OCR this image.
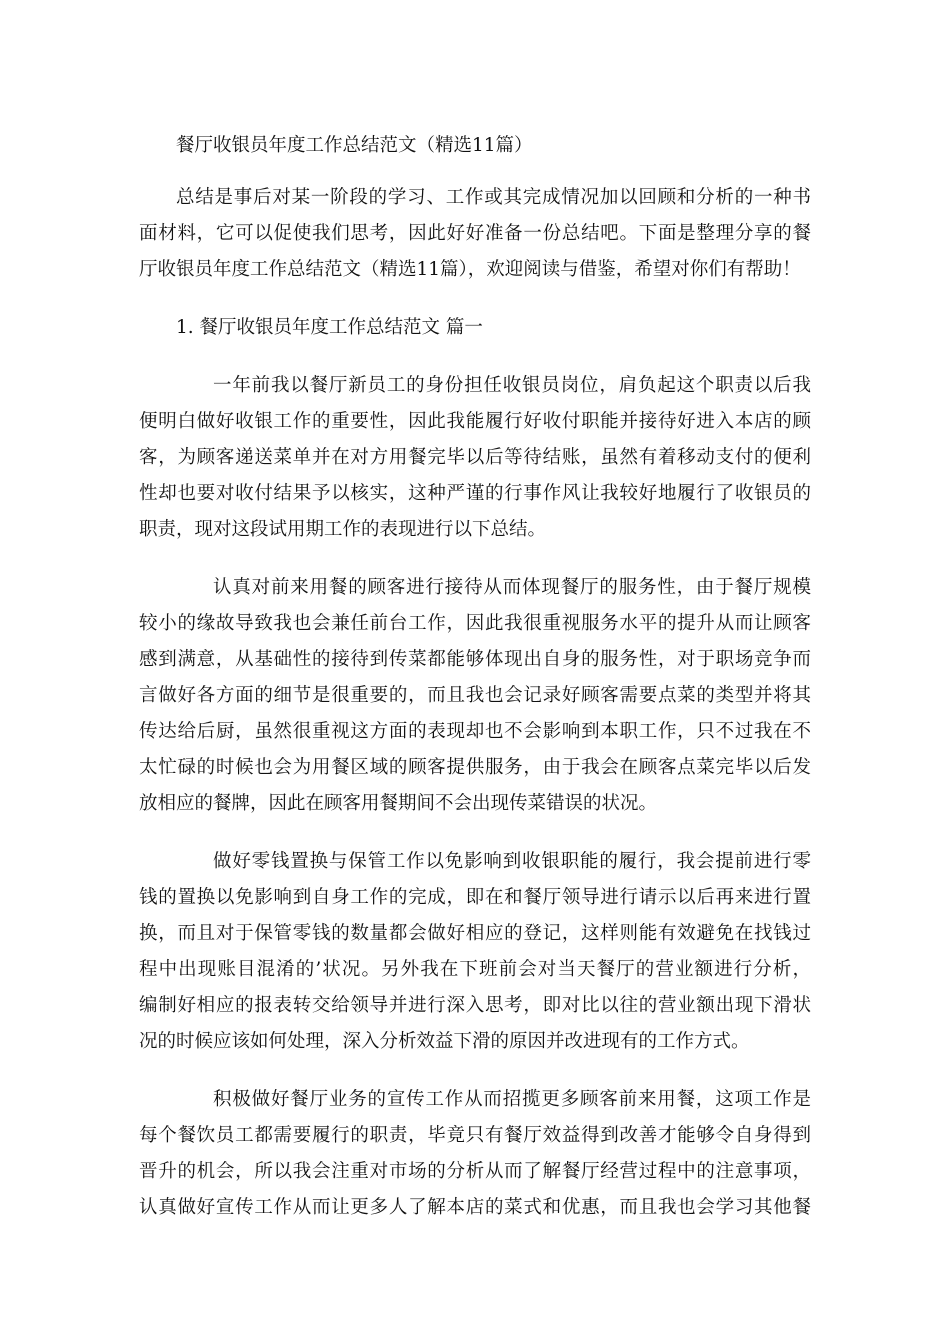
餐厅收银员年度工作总结范文（精选11篇）
总结是事后对某一阶段的学习、工作或其完成情况加以回顾和分析的一种书
面材料，它可以促使我们思考，因此好好准备一份总结吧。下面是整理分享的餐
厅收银员年度工作总结范文（精选11篇），欢迎阅读与借鉴，希望对你们有帮助！
1. 餐厅收银员年度工作总结范文 篇一
一年前我以餐厅新员工的身份担任收银员岗位，肩负起这个职责以后我
便明白做好收银工作的重要性，因此我能履行好收付职能并接待好进入本店的顾
客，为顾客递送菜单并在对方用餐完毕以后等待结账，虽然有着移动支付的便利
性却也要对收付结果予以核实，这种严谨的行事作风让我较好地履行了收银员的
职责，现对这段试用期工作的表现进行以下总结。
认真对前来用餐的顾客进行接待从而体现餐厅的服务性，由于餐厅规模
较小的缘故导致我也会兼任前台工作，因此我很重视服务水平的提升从而让顾客
感到满意，从基础性的接待到传菜都能够体现出自身的服务性，对于职场竞争而
言做好各方面的细节是很重要的，而且我也会记录好顾客需要点菜的类型并将其
传达给后厨，虽然很重视这方面的表现却也不会影响到本职工作，只不过我在不
太忙碌的时候也会为用餐区域的顾客提供服务，由于我会在顾客点菜完毕以后发
放相应的餐牌，因此在顾客用餐期间不会出现传菜错误的状况。
做好零钱置换与保管工作以免影响到收银职能的履行，我会提前进行零
钱的置换以免影响到自身工作的完成，即在和餐厅领导进行请示以后再来进行置
换，而且对于保管零钱的数量都会做好相应的登记，这样则能有效避免在找钱过
程中出现账目混淆的’状况。另外我在下班前会对当天餐厅的营业额进行分析，
编制好相应的报表转交给领导并进行深入思考，即对比以往的营业额出现下滑状
况的时候应该如何处理，深入分析效益下滑的原因并改进现有的工作方式。
积极做好餐厅业务的宣传工作从而招揽更多顾客前来用餐，这项工作是
每个餐饮员工都需要履行的职责，毕竟只有餐厅效益得到改善才能够令自身得到
晋升的机会，所以我会注重对市场的分析从而了解餐厅经营过程中的注意事项，
认真做好宣传工作从而让更多人了解本店的菜式和优惠，而且我也会学习其他餐
